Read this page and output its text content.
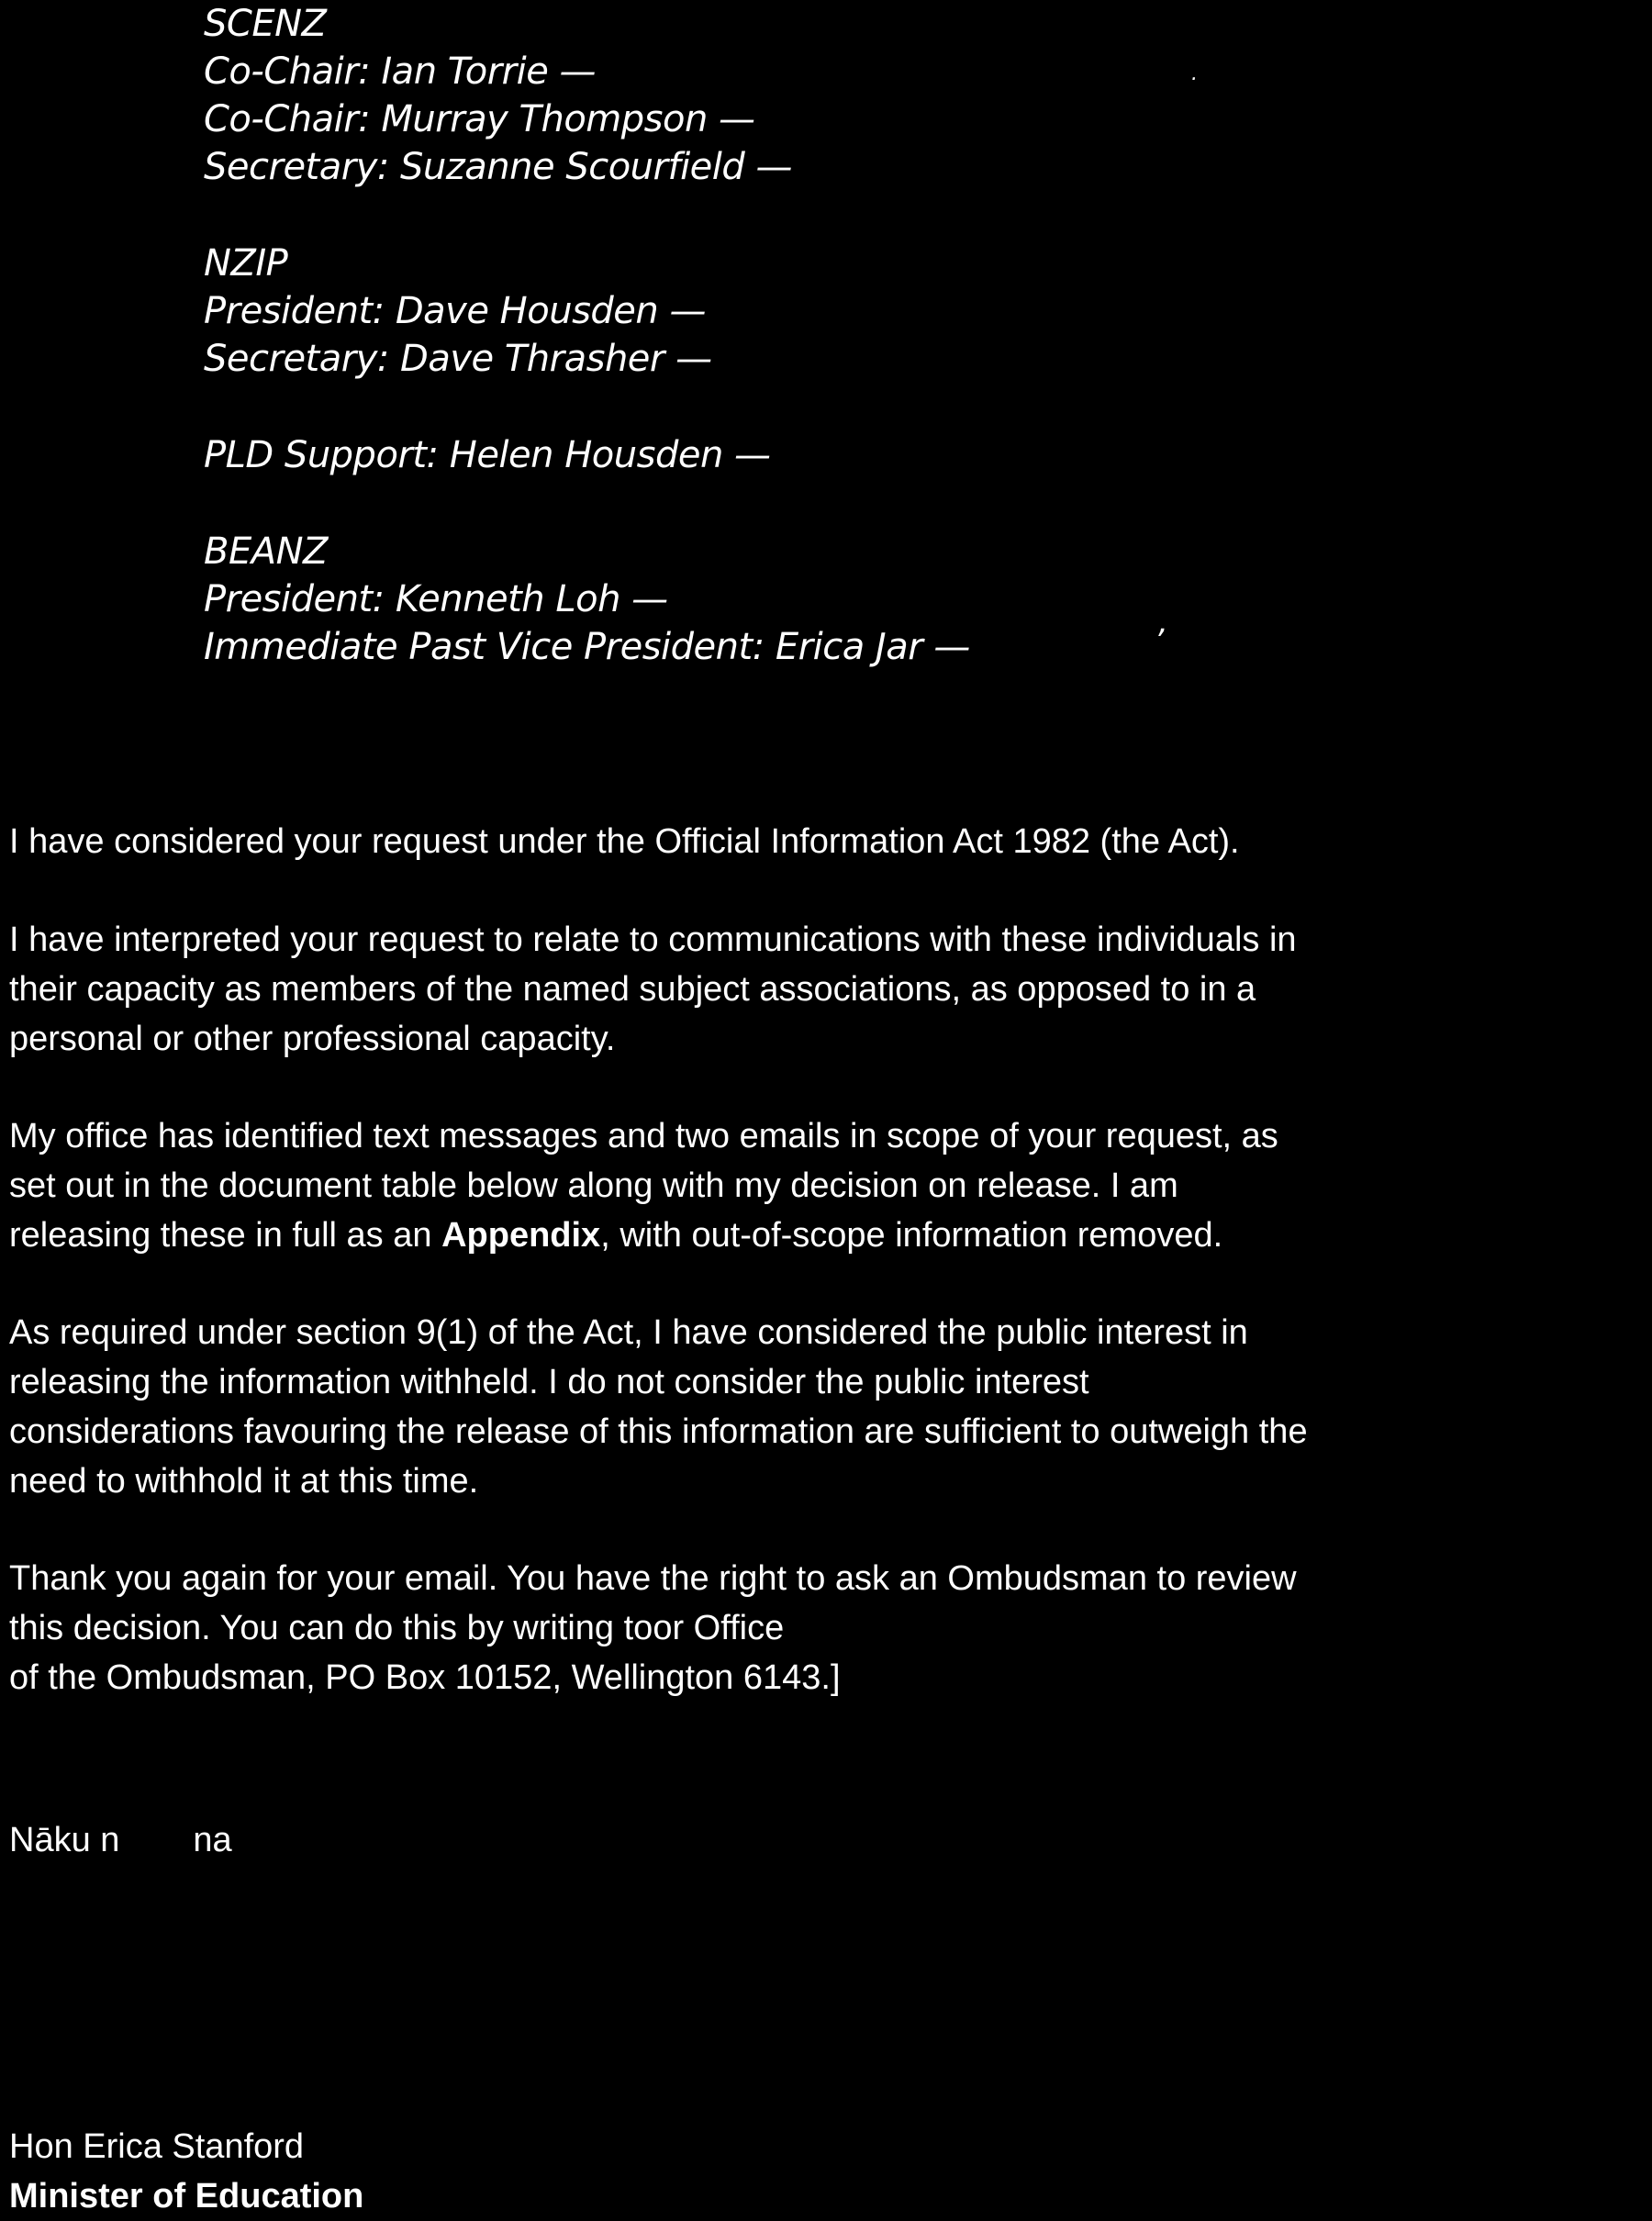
SCENZ
Co-Chair: Ian Torrie —
Co-Chair: Murray Thompson —
Secretary: Suzanne Scourfield —
NZIP
President: Dave Housden —
Secretary: Dave Thrasher —
PLD Support: Helen Housden —
BEANZ
President: Kenneth Loh —
Immediate Past Vice President: Erica Jar —
.
,

I have considered your request under the Official Information Act 1982 (the Act).

I have interpreted your request to relate to communications with these individuals in
their capacity as members of the named subject associations, as opposed to in a
personal or other professional capacity.

My office has identified text messages and two emails in scope of your request, as
set out in the document table below along with my decision on release. I am
releasing these in full as an Appendix, with out-of-scope information removed.

As required under section 9(1) of the Act, I have considered the public interest in
releasing the information withheld. I do not consider the public interest
considerations favouring the release of this information are sufficient to outweigh the
need to withhold it at this time.

Thank you again for your email. You have the right to ask an Ombudsman to review
this decision. You can do this by writing toor Office
of the Ombudsman, PO Box 10152, Wellington 6143.]

Nāku n na
Hon Erica Stanford
Minister of Education
